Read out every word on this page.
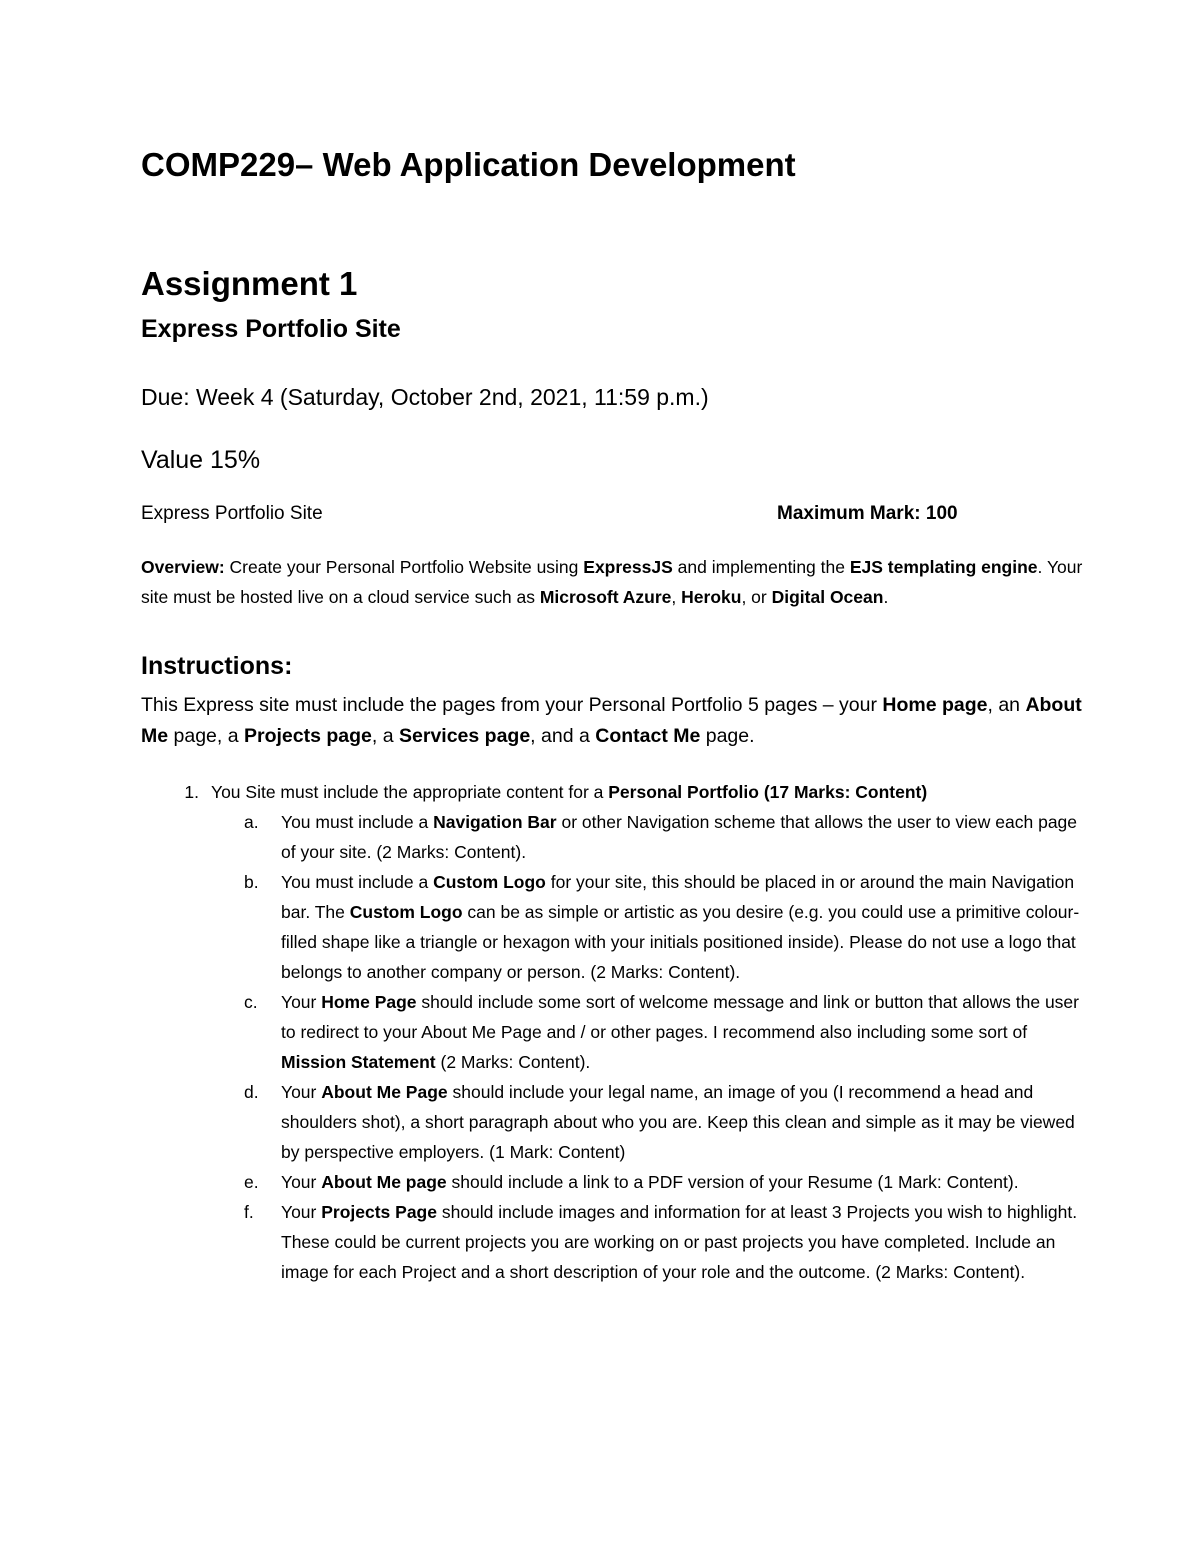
COMP229– Web Application Development
Assignment 1
Express Portfolio Site
Due: Week 4 (Saturday, October 2nd, 2021, 11:59 p.m.)
Value 15%
Express Portfolio Site	Maximum Mark: 100
Overview: Create your Personal Portfolio Website using ExpressJS and implementing the EJS templating engine. Your site must be hosted live on a cloud service such as Microsoft Azure, Heroku, or Digital Ocean.
Instructions:
This Express site must include the pages from your Personal Portfolio 5 pages – your Home page, an About Me page, a Projects page, a Services page, and a Contact Me page.
1. You Site must include the appropriate content for a Personal Portfolio (17 Marks: Content)
a.	You must include a Navigation Bar or other Navigation scheme that allows the user to view each page of your site. (2 Marks: Content).
b.	You must include a Custom Logo for your site, this should be placed in or around the main Navigation bar. The Custom Logo can be as simple or artistic as you desire (e.g. you could use a primitive colour-filled shape like a triangle or hexagon with your initials positioned inside). Please do not use a logo that belongs to another company or person. (2 Marks: Content).
c.	Your Home Page should include some sort of welcome message and link or button that allows the user to redirect to your About Me Page and / or other pages. I recommend also including some sort of Mission Statement (2 Marks: Content).
d.	Your About Me Page should include your legal name, an image of you (I recommend a head and shoulders shot), a short paragraph about who you are. Keep this clean and simple as it may be viewed by perspective employers. (1 Mark: Content)
e.	Your About Me page should include a link to a PDF version of your Resume (1 Mark: Content).
f.	Your Projects Page should include images and information for at least 3 Projects you wish to highlight. These could be current projects you are working on or past projects you have completed. Include an image for each Project and a short description of your role and the outcome. (2 Marks: Content).
